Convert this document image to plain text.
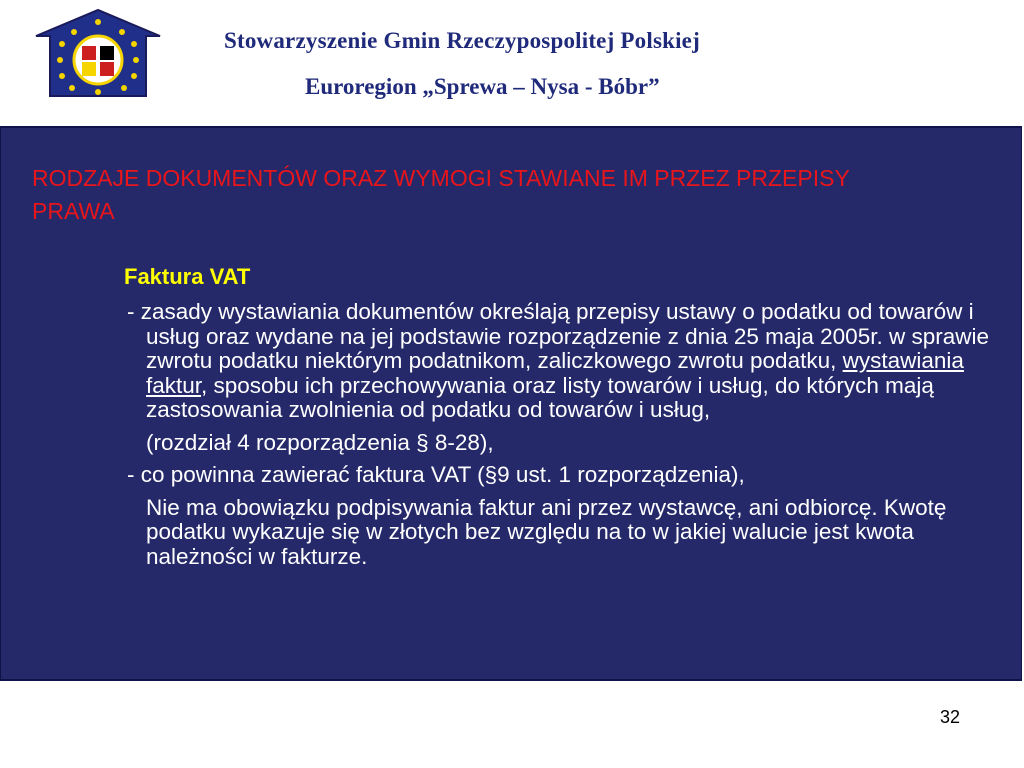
Stowarzyszenie Gmin Rzeczypospolitej Polskiej
Euroregion „Sprewa – Nysa - Bóbr”
RODZAJE DOKUMENTÓW ORAZ WYMOGI STAWIANE IM PRZEZ PRZEPISY PRAWA
Faktura VAT

- zasady wystawiania dokumentów określają przepisy ustawy o podatku od towarów i usług oraz wydane na jej podstawie rozporządzenie z dnia 25 maja 2005r. w sprawie zwrotu podatku niektórym podatnikom, zaliczkowego zwrotu podatku, wystawiania faktur, sposobu ich przechowywania oraz listy towarów i usług, do których mają zastosowania zwolnienia od podatku od towarów i usług,

(rozdział 4 rozporządzenia § 8-28),

- co powinna zawierać faktura VAT (§9 ust. 1 rozporządzenia),

Nie ma obowiązku podpisywania faktur ani przez wystawcę, ani odbiorcę. Kwotę podatku wykazuje się w złotych bez względu na to w jakiej walucie jest kwota należności w fakturze.

32
